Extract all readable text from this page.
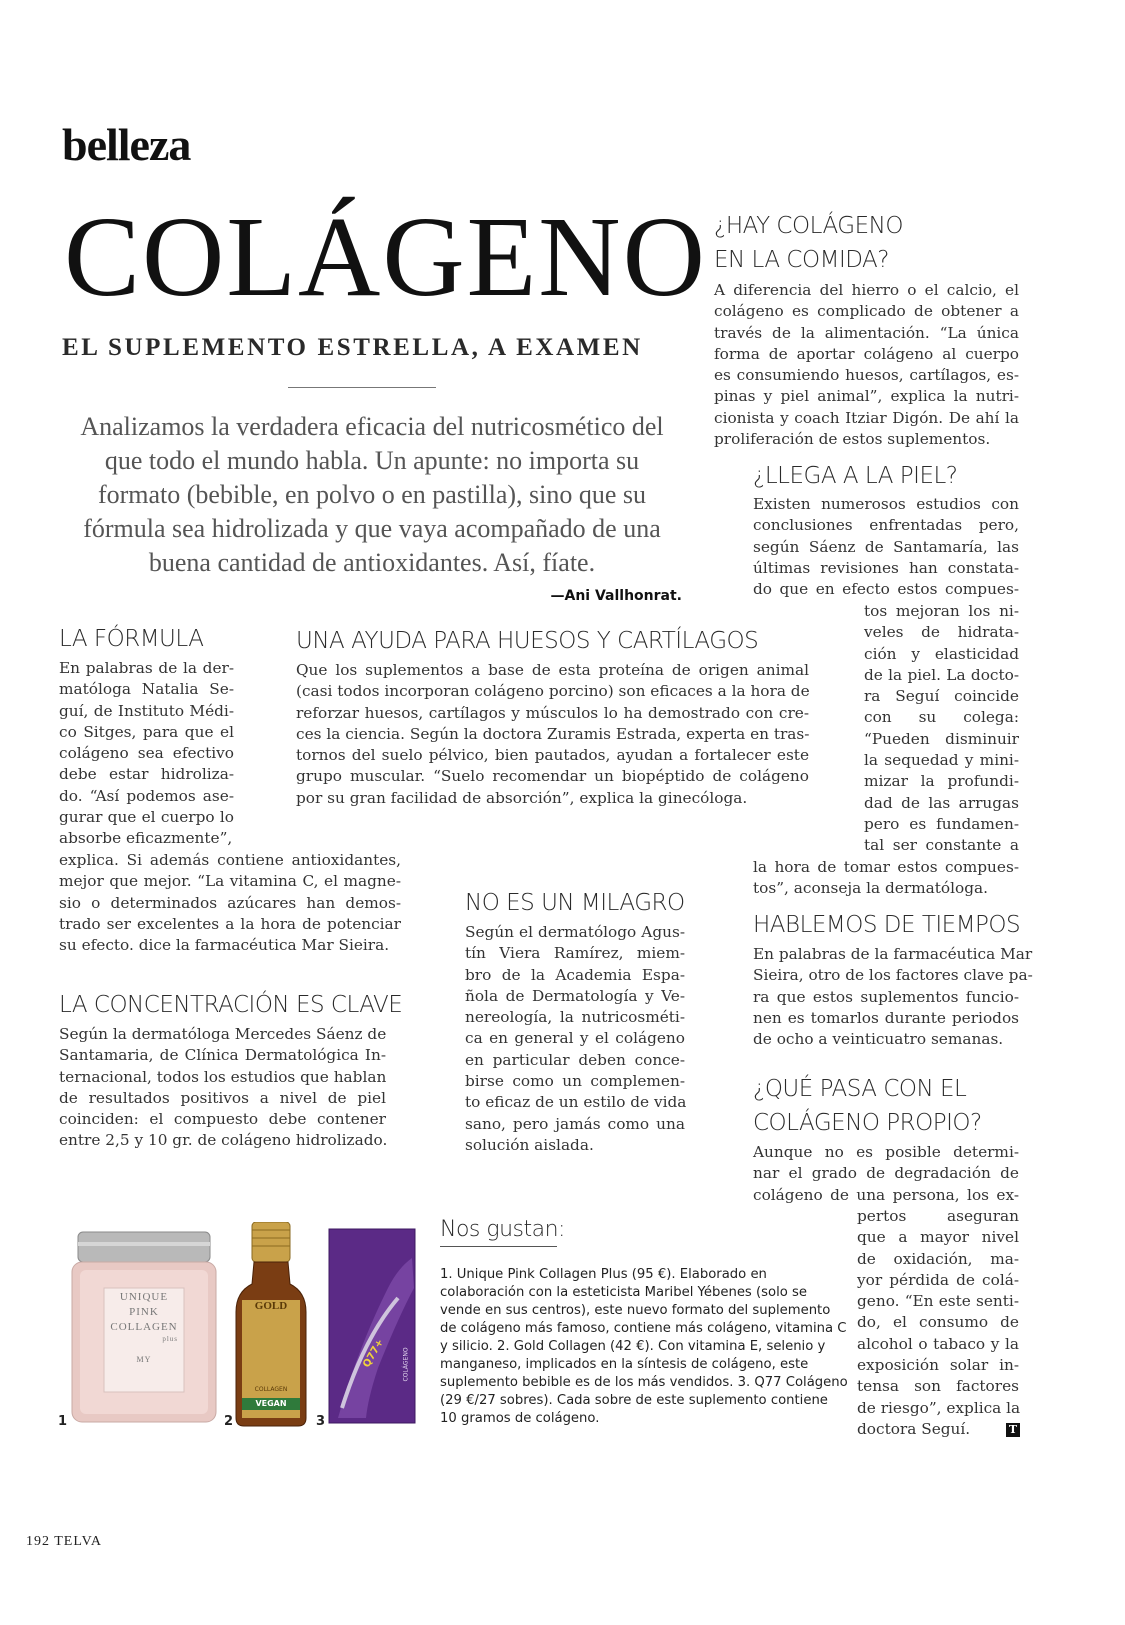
belleza
COLÁGENO
EL SUPLEMENTO ESTRELLA, A EXAMEN
Analizamos la verdadera eficacia del nutricosmético del que todo el mundo habla. Un apunte: no importa su formato (bebible, en polvo o en pastilla), sino que su fórmula sea hidrolizada y que vaya acompañado de una buena cantidad de antioxidantes. Así, fíate.
—Ani Vallhonrat.
¿HAY COLÁGENO
EN LA COMIDA?
A diferencia del hierro o el calcio, el
colágeno es complicado de obtener a
través de la alimentación. “La única
forma de aportar colágeno al cuerpo
es consumiendo huesos, cartílagos, es-
pinas y piel animal”, explica la nutri-
cionista y coach Itziar Digón. De ahí la
proliferación de estos suplementos.
¿LLEGA A LA PIEL?
Existen numerosos estudios con
conclusiones enfrentadas pero,
según Sáenz de Santamaría, las
últimas revisiones han constata-
do que en efecto estos compues-
tos mejoran los ni-
veles de hidrata-
ción y elasticidad
de la piel. La docto-
ra Seguí coincide
con su colega:
“Pueden disminuir
la sequedad y mini-
mizar la profundi-
dad de las arrugas
pero es fundamen-
tal ser constante a
la hora de tomar estos compues-
tos”, aconseja la dermatóloga.
LA FÓRMULA
En palabras de la der-
matóloga Natalia Se-
guí, de Instituto Médi-
co Sitges, para que el
colágeno sea efectivo
debe estar hidroliza-
do. “Así podemos ase-
gurar que el cuerpo lo
absorbe eficazmente”,
explica. Si además contiene antioxidantes,
mejor que mejor. “La vitamina C, el magne-
sio o determinados azúcares han demos-
trado ser excelentes a la hora de potenciar
su efecto. dice la farmacéutica Mar Sieira.
UNA AYUDA PARA HUESOS Y CARTÍLAGOS
Que los suplementos a base de esta proteína de origen animal
(casi todos incorporan colágeno porcino) son eficaces a la hora de
reforzar huesos, cartílagos y músculos lo ha demostrado con cre-
ces la ciencia. Según la doctora Zuramis Estrada, experta en tras-
tornos del suelo pélvico, bien pautados, ayudan a fortalecer este
grupo muscular. “Suelo recomendar un biopéptido de colágeno
por su gran facilidad de absorción”, explica la ginecóloga.
NO ES UN MILAGRO
Según el dermatólogo Agus-
tín Viera Ramírez, miem-
bro de la Academia Espa-
ñola de Dermatología y Ve-
nereología, la nutricosméti-
ca en general y el colágeno
en particular deben conce-
birse como un complemen-
to eficaz de un estilo de vida
sano, pero jamás como una
solución aislada.
LA CONCENTRACIÓN ES CLAVE
Según la dermatóloga Mercedes Sáenz de
Santamaria, de Clínica Dermatológica In-
ternacional, todos los estudios que hablan
de resultados positivos a nivel de piel
coinciden: el compuesto debe contener
entre 2,5 y 10 gr. de colágeno hidrolizado.
HABLEMOS DE TIEMPOS
En palabras de la farmacéutica Mar
Sieira, otro de los factores clave pa-
ra que estos suplementos funcio-
nen es tomarlos durante periodos
de ocho a veinticuatro semanas.
¿QUÉ PASA CON EL
COLÁGENO PROPIO?
Aunque no es posible determi-
nar el grado de degradación de
colágeno de una persona, los ex-
pertos aseguran
que a mayor nivel
de oxidación, ma-
yor pérdida de colá-
geno. “En este senti-
do, el consumo de
alcohol o tabaco y la
exposición solar in-
tensa son factores
de riesgo”, explica la
doctora Seguí.	T
Nos gustan:
1. Unique Pink Collagen Plus (95 €). Elaborado en
colaboración con la esteticista Maribel Yébenes (solo se
vende en sus centros), este nuevo formato del suplemento
de colágeno más famoso, contiene más colágeno, vitamina C
y silicio. 2. Gold Collagen (42 €). Con vitamina E, selenio y
manganeso, implicados en la síntesis de colágeno, este
suplemento bebible es de los más vendidos. 3. Q77 Colágeno
(29 €/27 sobres). Cada sobre de este suplemento contiene
10 gramos de colágeno.
UNIQUE
PINK
COLLAGEN
plus
MY
1
GOLD
COLLAGEN
VEGAN
2
Q77+	COLÁGENO
3
192 TELVA
